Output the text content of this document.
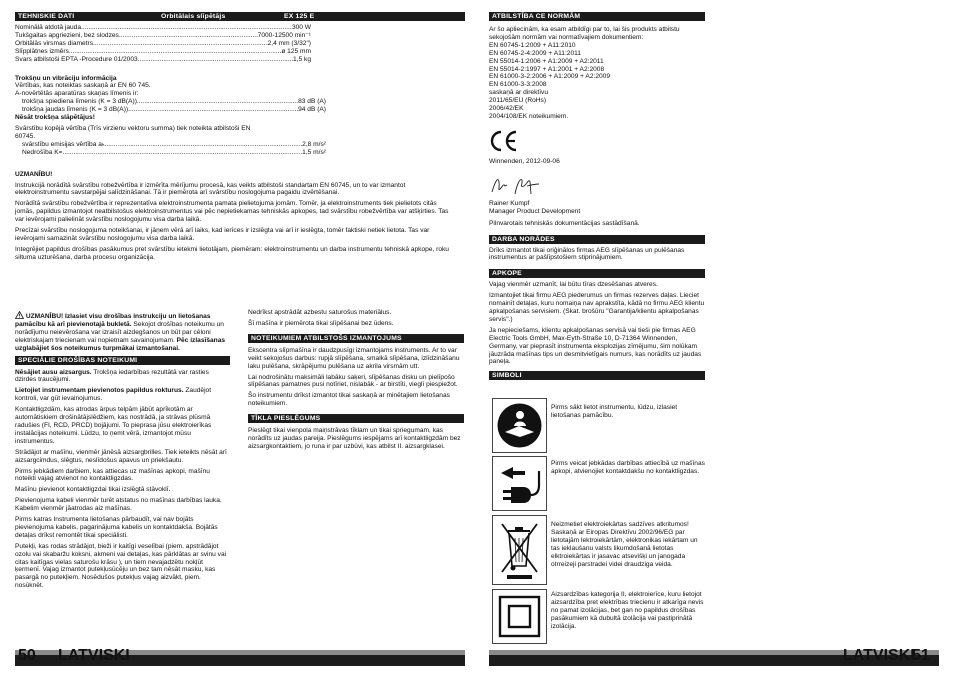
TEHNISKIE DATI	Orbitālais slīpētājs	EX 125 E
Nominālā atdotā jauda .....	300 W
Tukšgaitas apgriezieni, bez slodzes .....	7000-12500 min⁻¹
Orbitālās virsmas diametrs .....	2,4 mm (3/32")
Slīpplātnes izmērs .....	ø 125 mm
Svars atbilstoši EPTA -Procedure 01/2003 .....	1,5 kg
Trokšņu un vibrāciju informācija
Vērtības, kas noteiktas saskaņā ar EN 60 745.
A-novērtētās aparatūras skaņas līmenis ir:
trokšņa spiediena līmenis (K = 3 dB(A)) .....	83 dB (A)
trokšņa jaudas līmenis (K = 3 dB(A)) .....	94 dB (A)
Nēsāt trokšņa slāpētājus!
Svārstību kopējā vērtība (Trīs virzienu vektoru summa) tiek noteikta atbilstoši EN 60745.
svārstību emisijas vērtība aₕ .....	2,8 m/s²
Nedrošība K= .....	1,5 m/s²
UZMANĪBU!

Instrukcijā norādītā svārstību robežvērtība ir izmērīta mērījumu procesā, kas veikts atbilstoši standartam EN 60745, un to var izmantot elektroinstrumentu savstarpējai salīdzināšanai. Tā ir piemērota arī svārstību noslogojuma pagaidu izvērtēšanai.

Norādītā svārstību robežvērtība ir reprezentatīva elektroinstrumenta pamata pielietojuma jomām. Tomēr, ja elektroinstruments tiek pielietots citās jomās, papildus izmantojot neatbilstošus elektroinstrumentus vai pēc nepietiekamas tehniskās apkopes, tad svārstību robežvērtība var atšķirties. Tas var ievērojami palielināt svārstību noslogojumu visa darba laikā.

Precīzai svārstību noslogojuma noteikšanai, ir jāņem vērā arī laiks, kad ierīces ir izslēgta vai arī ir ieslēgta, tomēr faktiski netiek lietota. Tas var ievērojami samazināt svārstību noslogojumu visa darba laikā.

Integrējiet papildus drošības pasākumus pret svārstību ietekmi lietotājam, piemēram: elektroinstrumentu un darba instrumentu tehniskā apkope, roku siltuma uzturēšana, darba procesu organizācija.

UZMANĪBU! Izlasiet visu drošības instrukciju un lietošanas pamācību kā arī pievienotajā bukletā. Sekojot drošības noteikumu un norādījumu neievērošana var izraisīt aizdegšanos un būt par cēloni elektriskajam triecienam vai nopietnam savainojumam. Pēc izlasīšanas uzglabājiet šos noteikumus turpmākai izmantošanai.

SPECIĀLIE DROŠĪBAS NOTEIKUMI

Nēsājiet ausu aizsargus. Trokšņa iedarbības rezultātā var rasties dzirdes traucējumi.

Lietojiet instrumentam pievienotos papildus rokturus. Zaudējot kontroli, var gūt ievainojumus.

Kontaktligzdām, kas atrodas ārpus telpām jābūt aprīkotām ar automātiskiem drošinātājslēdžiem, kas nostrādā, ja strāvas plūsmā radušies (FI, RCD, PRCD) bojājumi. To pieprasa jūsu elektroierīkas instalācijas noteikumi. Lūdzu, to ņemt vērā, izmantojot mūsu instrumentus.

Strādājot ar mašīnu, vienmēr jānēsā aizsargbrilles. Tiek ieteikts nēsāt arī aizsargcimdus, slēgtus, neslīdošus apavus un priekšautu.

Pirms jebkādiem darbiem, kas attiecas uz mašīnas apkopi, mašīnu noteikti vajag atvienot no kontaktligzdas.

Mašīnu pievienot kontaktligzdai tikai izslēgtā stāvoklī.

Pievienojuma kabeli vienmēr turēt atstatus no mašīnas darbības lauka. Kabelim vienmēr jāatrodas aiz mašīnas.

Pirms katras Instrumenta lietošanas pārbaudīt, vai nav bojāts pievienojuma kabelis, pagarinājuma kabelis un kontaktdakša. Bojātās detaļas drīkst remontēt tikai speciālisti.

Putekļi, kas rodas strādājot, bieži ir kaitīgi veselībai (piem. apstrādājot ozolu vai skabaržu koksni, akmeni vai detaļas, kas pārklātas ar svinu vai citas kaitīgas vielas saturošu krāsu ), un tiem nevajadzētu nokļūt ķermenī. Vajag izmantot putekļusūcēju un bez tam nēsāt masku, kas pasargā no putekļiem. Nosēdušos putekļus vajag aizvākt, piem. nosūknēt.

Nedrīkst apstrādāt azbestu saturošus materiālus.

Šī mašīna ir piemērota tikai slīpēšanai bez ūdens.

NOTEIKUMIEM ATBILSTOŠS IZMANTOJUMS

Ekscentra slīpmašīna ir daudzpusīgi izmantojams instruments. Ar to var veikt sekojošus darbus: rupjā slīpēšana, smalkā slīpēšana, izlīdzināšanu laku pulēšana, skrāpējumu pulēšana uz akrila virsmām utt.

Lai nodrošinātu maksimāli labāku saķeri, slīpēšanas disku un pielīpošo slīpēšanas pamatnes pusi notīriet, nislabāk - ar birstīti, vieglī piespiežot.

Šo instrumentu drīkst izmantot tikai saskaņā ar minētajiem lietošanas noteikumiem.

TĪKLA PIESLĒGUMS

Pieslēgt tikai vienpola maiņstrāvas tīklam un tikai spriegumam, kas norādīts uz jaudas pareija. Pieslēgums iespējams arī kontaktligzdām bez aizsargkontaktiem, jo runa ir par uzbūvi, kas atbilst II. aizsargklasei.

50 LATVISKI
ATBILSTĪBA CE NORMĀM
Ar šo apliecinām, ka esam atbildīgi par to, lai šis produkts atbilstu sekojošām normām vai normatīvajiem dokumentiem:
EN 60745-1:2009 + A11:2010
EN 60745-2-4:2009 + A11:2011
EN 55014-1:2006 + A1:2009 + A2:2011
EN 55014-2:1997 + A1:2001 + A2:2008
EN 61000-3-2:2006 + A1:2009 + A2:2009
EN 61000-3-3:2008
saskaņā ar direktīvu
2011/65/EU (RoHs)
2006/42/EK
2004/108/EK noteikumiem.
Winnenden, 2012-09-06
Rainer Kumpf
Manager Product Development
Pilnvarotais tehniskās dokumentācijas sastādīšanā.
DARBA NORĀDES

Drīks izmantot tikai oriģinālos firmas AEG slīpēšanas un pulēšanas instrumentus ar pašlīpstošiem stiprinājumiem.

APKOPE

Vajag vienmēr uzmanīt, lai būtu tīras dzesēšanas atveres.

Izmantojiet tikai firmu AEG piederumus un firmas rezerves daļas. Lieciet nomainīt detaļas, kuru nomaiņa nav aprakstīta, kādā no firmu AEG klientu apkalpošanas servisiem. (Skat. brošūru "Garantija/klientu apkalpošanas servis".)

Ja nepieciešams, klientu apkalpošanas servisā vai tieši pie firmas AEG Electric Tools GmbH, Max-Eyth-Straße 10, D-71364 Winnenden, Germany, var pieprasīt instrumenta eksplozijas zīmējumu, šim nolūkam jāuzrāda mašīnas tips un desmitvietīgais numurs, kas norādīts uz jaudas paneļa.

SIMBOLI
Pirms sākt lietot instrumentu, lūdzu, izlasiet lietošanas pamācību.
Pirms veicat jebkādas darbības attiecībā uz mašīnas apkopi, atvienojiet kontaktdakšu no kontaktligzdas.
Neizmetiet elektroiekārtas sadzīves atkritumos! Saskaņā ar Eiropas Direktīvu 2002/96/EG par lietotajām lektroiekārtām, elektronikas iekārtam un tas ieklaušanu valsts likumdošanā lietotas elktroiekārtas ir jasavac atsevišķi un janogada otrreizeji parstradei videi draudziga veida.
Aizsardzības kategorija II, elektroierīce, kuru lietojot aizsardzība pret elektrības triecienu ir atkarīga nevis no pamat izolācijas, bet gan no papildus drošības pasākumiem kā dubultā izolācija vai pastiprinātā izolācija.
LATVISKI
51
